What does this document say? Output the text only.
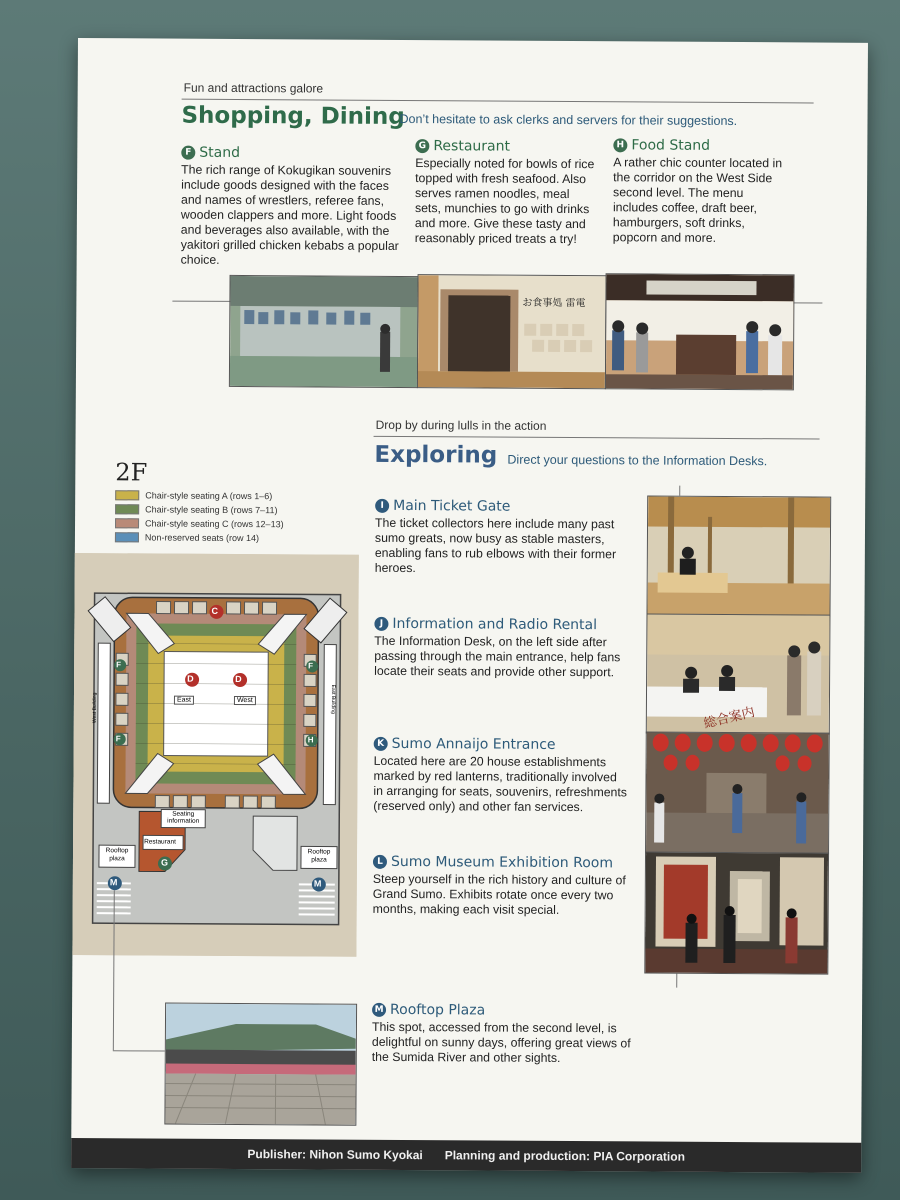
Fun and attractions galore
Shopping, Dining
Don’t hesitate to ask clerks and servers for their suggestions.
F Stand
The rich range of Kokugikan souvenirs include goods designed with the faces and names of wrestlers, referee fans, wooden clappers and more. Light foods and beverages also available, with the yakitori grilled chicken kebabs a popular choice.
G Restaurant
Especially noted for bowls of rice topped with fresh seafood. Also serves ramen noodles, meal sets, munchies to go with drinks and more. Give these tasty and reasonably priced treats a try!
H Food Stand
A rather chic counter located in the corridor on the West Side second level. The menu includes coffee, draft beer, hamburgers, soft drinks, popcorn and more.
お食事処 雷電
Drop by during lulls in the action
Exploring Direct your questions to the Information Desks.
2F
Chair-style seating A (rows 1–6)
Chair-style seating B (rows 7–11)
Chair-style seating C (rows 12–13)
Non-reserved seats (row 14)
C
D	D
F	F
F	H
G
M	M
East	West
Seating information
Restaurant
Rooftop plaza
Rooftop plaza
West Building	East Building
I Main Ticket Gate
The ticket collectors here include many past sumo greats, now busy as stable masters, enabling fans to rub elbows with their former heroes.
J Information and Radio Rental
The Information Desk, on the left side after passing through the main entrance, help fans locate their seats and provide other support.
K Sumo Annaijo Entrance
Located here are 20 house establishments marked by red lanterns, traditionally involved in arranging for seats, souvenirs, refreshments (reserved only) and other fan services.
L Sumo Museum Exhibition Room
Steep yourself in the rich history and culture of Grand Sumo. Exhibits rotate once every two months, making each visit special.
M Rooftop Plaza
This spot, accessed from the second level, is delightful on sunny days, offering great views of the Sumida River and other sights.
総合案内
Publisher: Nihon Sumo Kyokai Planning and production: PIA Corporation
